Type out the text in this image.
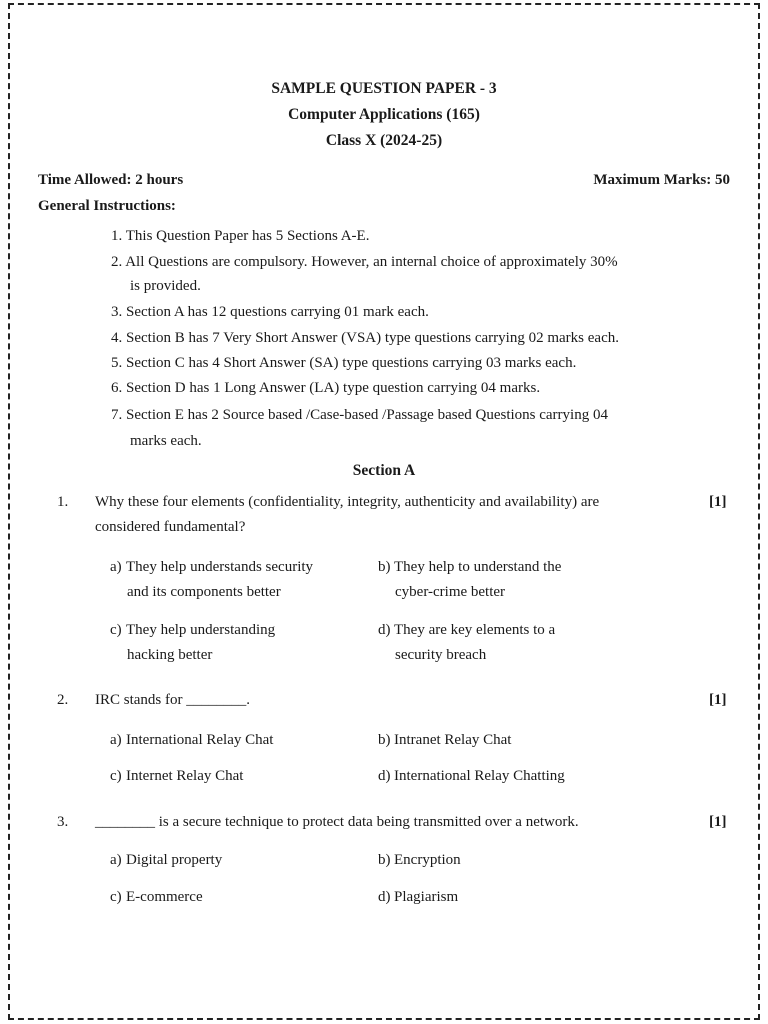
SAMPLE QUESTION PAPER - 3
Computer Applications (165)
Class X (2024-25)
Time Allowed: 2 hours	Maximum Marks: 50
General Instructions:
1. This Question Paper has 5 Sections A-E.
2. All Questions are compulsory. However, an internal choice of approximately 30%
is provided.
3. Section A has 12 questions carrying 01 mark each.
4. Section B has 7 Very Short Answer (VSA) type questions carrying 02 marks each.
5. Section C has 4 Short Answer (SA) type questions carrying 03 marks each.
6. Section D has 1 Long Answer (LA) type question carrying 04 marks.
7. Section E has 2 Source based /Case-based /Passage based Questions carrying 04
marks each.
Section A
1. Why these four elements (confidentiality, integrity, authenticity and availability) are
considered fundamental?
[1]
a) They help understands security
and its components better
b) They help to understand the
cyber-crime better
c) They help understanding
hacking better
d) They are key elements to a
security breach
2. IRC stands for ________.	[1]
a) International Relay Chat	b) Intranet Relay Chat
c) Internet Relay Chat	d) International Relay Chatting
3. ________ is a secure technique to protect data being transmitted over a network.	[1]
a) Digital property	b) Encryption
c) E-commerce	d) Plagiarism
